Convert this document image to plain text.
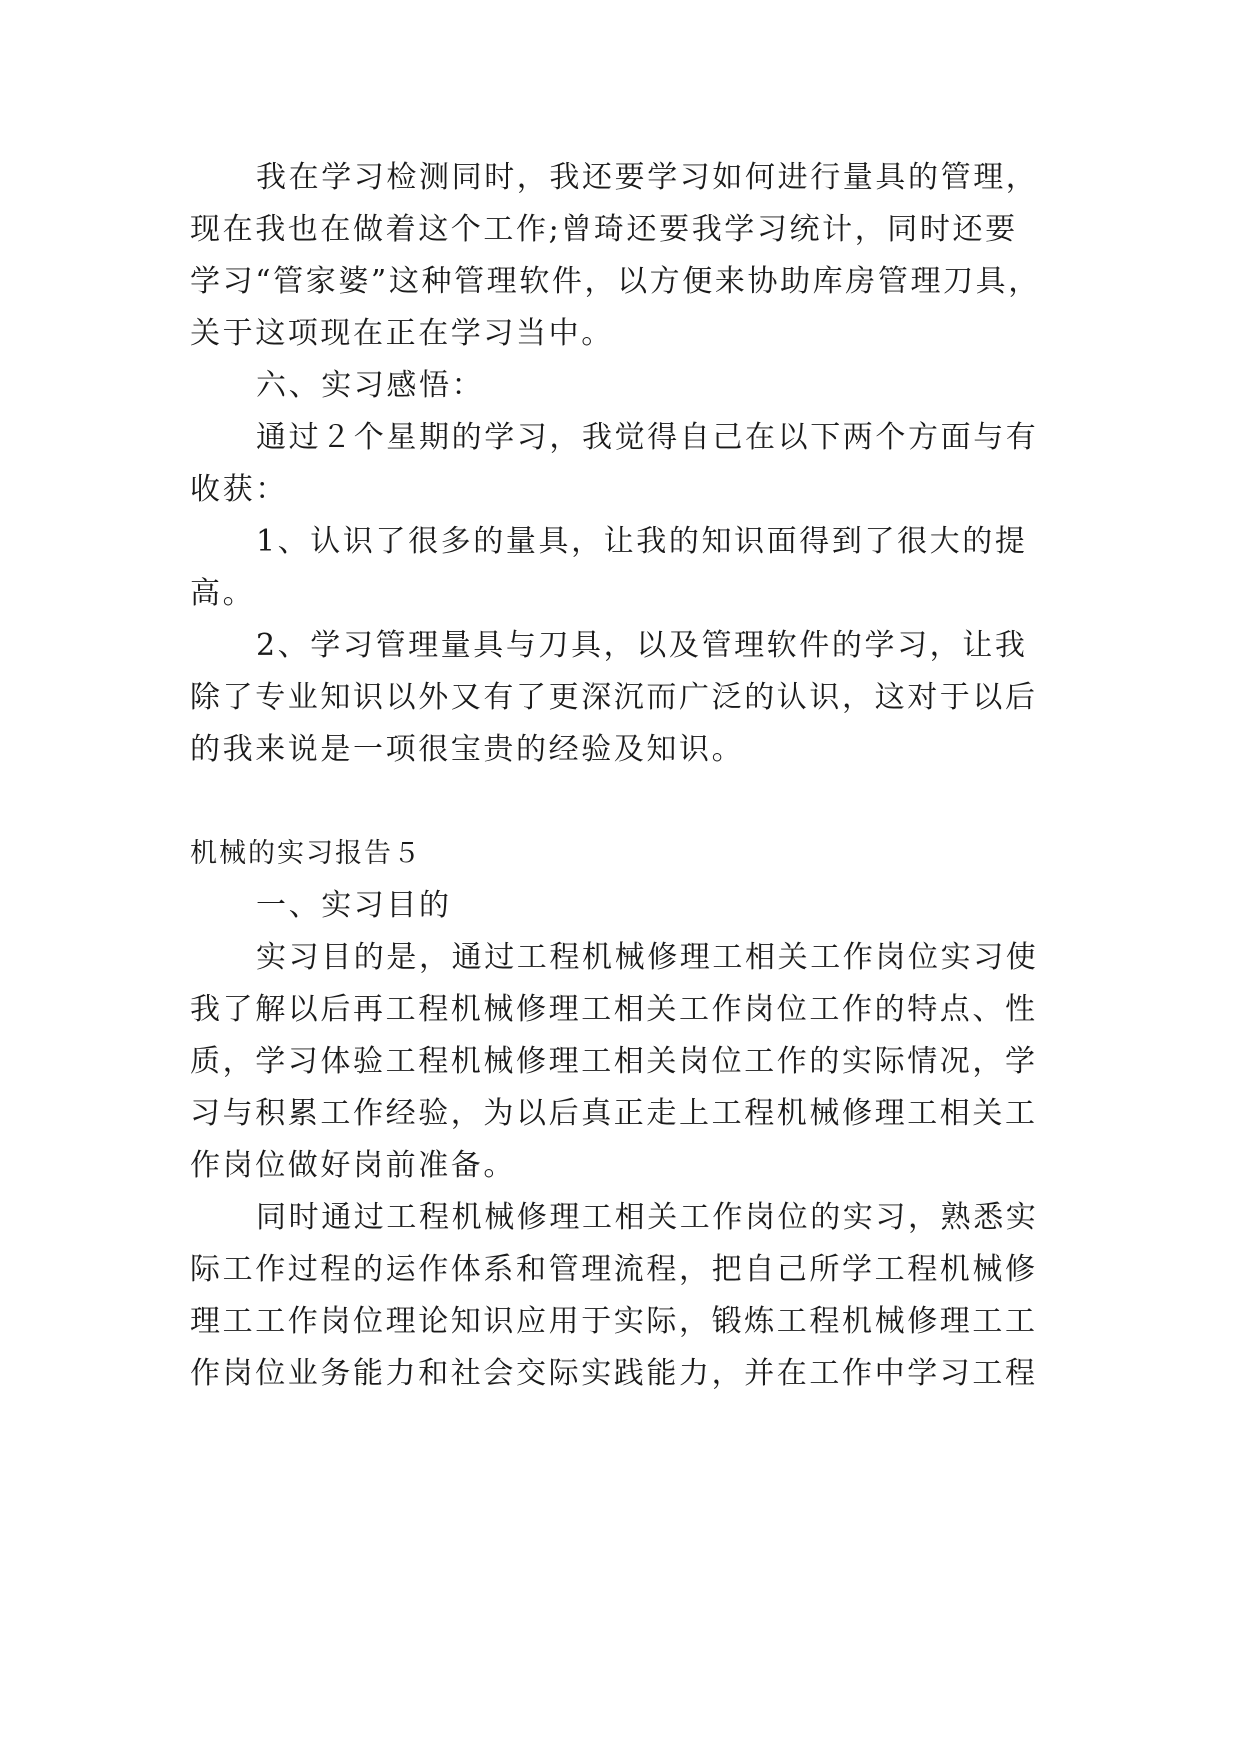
我在学习检测同时，我还要学习如何进行量具的管理，
现在我也在做着这个工作;曾琦还要我学习统计，同时还要
学习“管家婆”这种管理软件，以方便来协助库房管理刀具，
关于这项现在正在学习当中。
六、实习感悟：
通过２个星期的学习，我觉得自己在以下两个方面与有
收获：
1、认识了很多的量具，让我的知识面得到了很大的提
高。
2、学习管理量具与刀具，以及管理软件的学习，让我
除了专业知识以外又有了更深沉而广泛的认识，这对于以后
的我来说是一项很宝贵的经验及知识。
机械的实习报告５
一、实习目的
实习目的是，通过工程机械修理工相关工作岗位实习使
我了解以后再工程机械修理工相关工作岗位工作的特点、性
质，学习体验工程机械修理工相关岗位工作的实际情况，学
习与积累工作经验，为以后真正走上工程机械修理工相关工
作岗位做好岗前准备。
同时通过工程机械修理工相关工作岗位的实习，熟悉实
际工作过程的运作体系和管理流程，把自己所学工程机械修
理工工作岗位理论知识应用于实际，锻炼工程机械修理工工
作岗位业务能力和社会交际实践能力，并在工作中学习工程
